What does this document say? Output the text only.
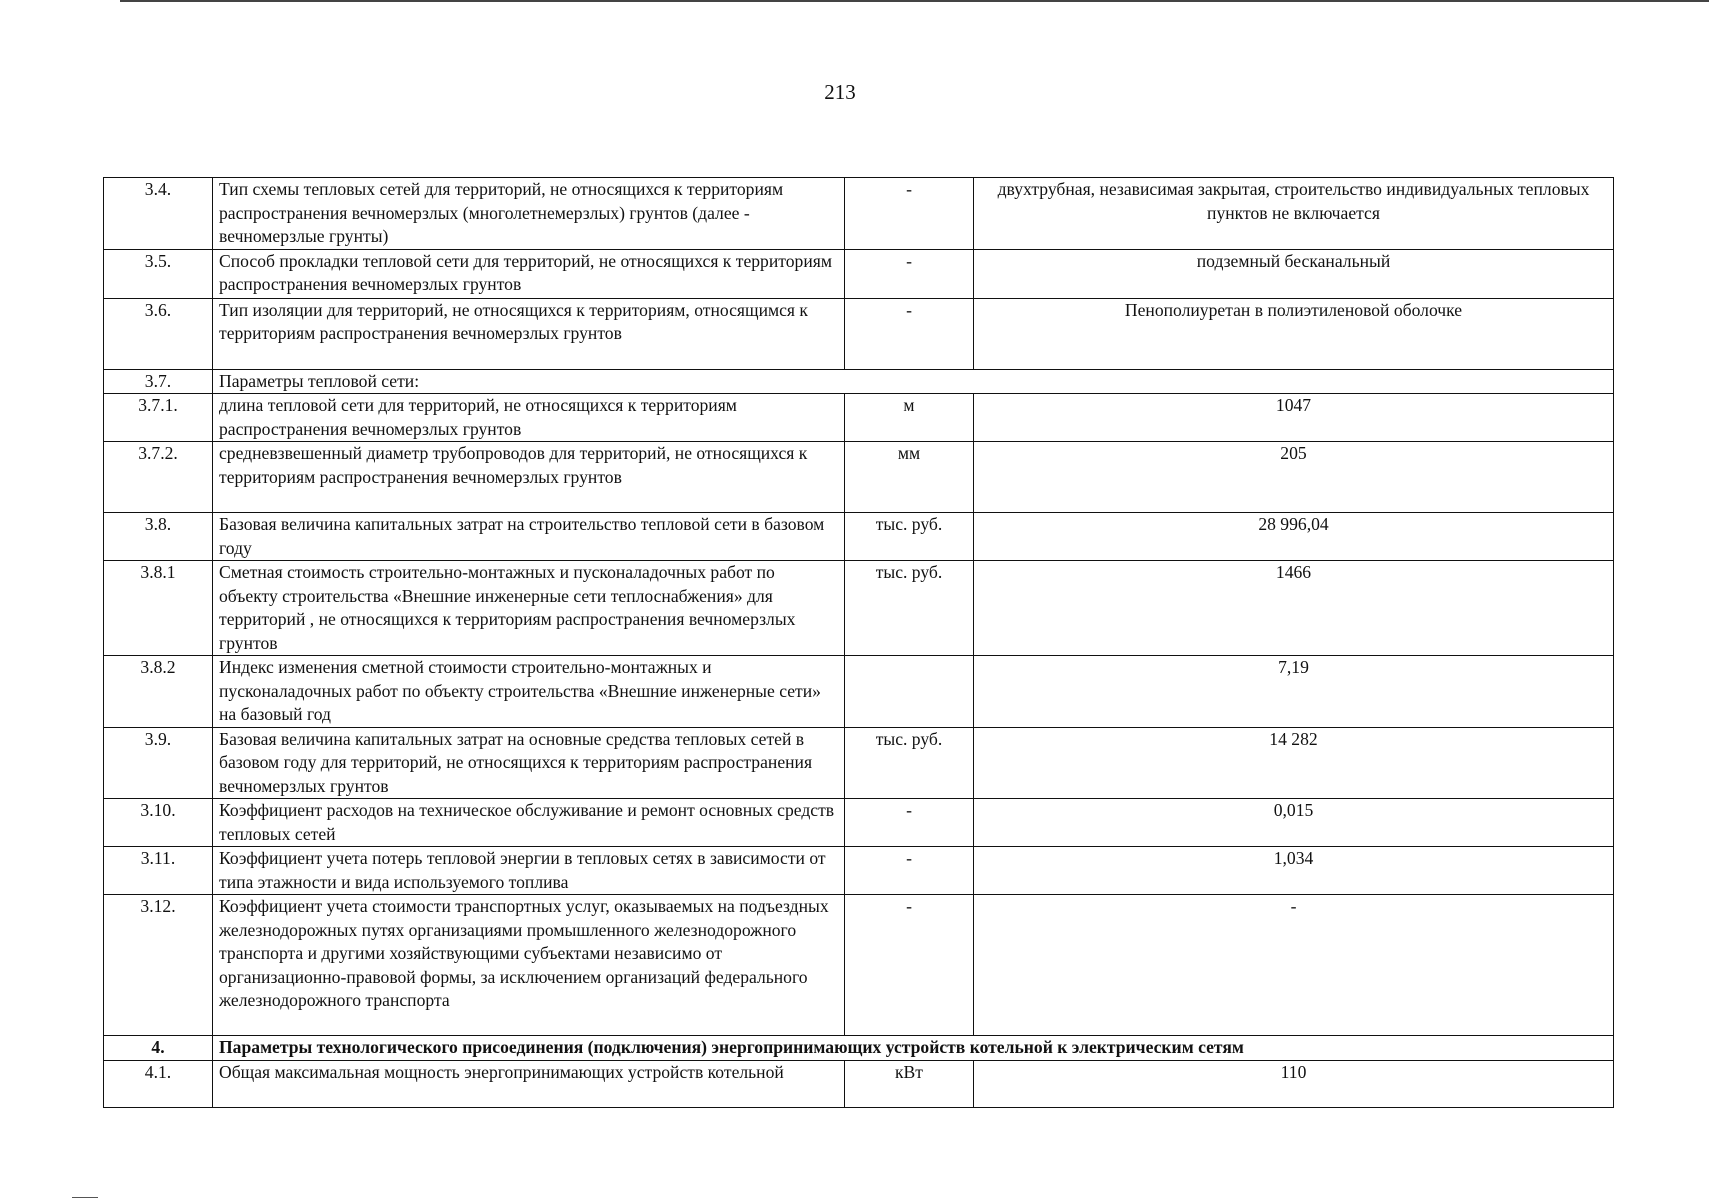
213
3.4.	Тип схемы тепловых сетей для территорий, не относящихся к территориям распространения вечномерзлых (многолетнемерзлых) грунтов (далее - вечномерзлые грунты)	-	двухтрубная, независимая закрытая, строительство индивидуальных тепловых пунктов не включается
3.5.	Способ прокладки тепловой сети для территорий, не относящихся к территориям распространения вечномерзлых грунтов	-	подземный бесканальный
3.6.	Тип изоляции для территорий, не относящихся к территориям, относящимся к территориям распространения вечномерзлых грунтов	-	Пенополиуретан в полиэтиленовой оболочке
3.7.	Параметры тепловой сети:		
3.7.1.	длина тепловой сети для территорий, не относящихся к территориям распространения вечномерзлых грунтов	м	1047
3.7.2.	средневзвешенный диаметр трубопроводов для территорий, не относящихся к территориям распространения вечномерзлых грунтов	мм	205
3.8.	Базовая величина капитальных затрат на строительство тепловой сети в базовом году	тыс. руб.	28 996,04
3.8.1	Сметная стоимость строительно-монтажных и пусконаладочных работ по объекту строительства «Внешние инженерные сети теплоснабжения» для территорий , не относящихся к территориям распространения вечномерзлых грунтов	тыс. руб.	1466
3.8.2	Индекс изменения сметной стоимости строительно-монтажных и пусконаладочных работ по объекту строительства «Внешние инженерные сети» на базовый год		7,19
3.9.	Базовая величина капитальных затрат на основные средства тепловых сетей в базовом году для территорий, не относящихся к территориям распространения вечномерзлых грунтов	тыс. руб.	14 282
3.10.	Коэффициент расходов на техническое обслуживание и ремонт основных средств тепловых сетей	-	0,015
3.11.	Коэффициент учета потерь тепловой энергии в тепловых сетях в зависимости от типа этажности и вида используемого топлива	-	1,034
3.12.	Коэффициент учета стоимости транспортных услуг, оказываемых на подъездных железнодорожных путях организациями промышленного железнодорожного транспорта и другими хозяйствующими субъектами независимо от организационно-правовой формы, за исключением организаций федерального железнодорожного транспорта	-	-
4.	Параметры технологического присоединения (подключения) энергопринимающих устройств котельной к электрическим сетям		
4.1.	Общая максимальная мощность энергопринимающих устройств котельной	кВт	110
